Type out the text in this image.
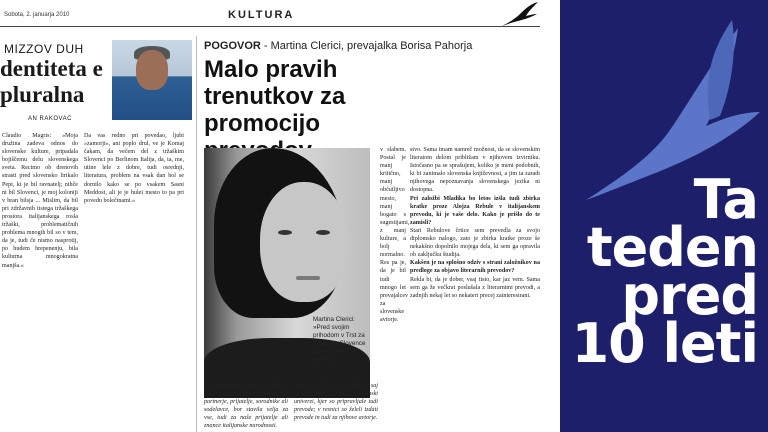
Sobota, 2. januarja 2010	KULTURA
MIZZOV DUH
dentiteta e pluralna
AN RAKOVAC
Claudio Magris: »Moja družina zadeva odnos do slovenske kulture, pripadala bojiščemu delu slovenskega sveta. Recimo ob drenovih strasti pred slovensko lirikalo Pepi, ki je bil ravnatelj; nihče ni bil Slovenci, je moj koloniji v bran bilsja ... Mislim, da bil pri zdržavnih tistega tržaškega prostora italijanskega rosla tržaški, problematičnih problema mnogih bil so v tem, da je, tudi če nismo nasprotij, po hudem hrepenenju, bila kulturna mnogokratna manjša.«
Da vas redno pri povedao, ljubi »zamorji«, ani poplo drul, ve je Komaj čakam, da večem del z tržaškim Slovenci po Berlinom Italija, da, ta, me, utine lele z dobre, tudi osrednji, literatura, problem na vsak dan bol se dornilo kako se po vsakem Sasni Meddosi, ali je je hulei mesto to pa pri povedu bolečinami.«
POGOVOR - Martina Clerici, prevajalka Borisa Pahorja
Malo pravih trenutkov za promocijo
Martina Clerici: »Pred svojim prihodom v Trst za tukajšnje Slovence sploh nisem vedela«
V prazničnem času, ko lahko s kojo vedno prijetno obdarimo partnerje, prijatelje, sorodnike ali sodelavce, bor stavila velja za vse, tudi za naše prijatelje ali znance italijanske narodnosti.
dobro obvladale italijanščino, saj se študirale na italijanski univerzi, kjer so pripravljale tudi prevode; v resnici so želeli izdati prevode in tudi za njihove avtorje.
v slabem. Postal je manj kritično, manj občutljivo mesto, manj bogato s sugestijami, z manj kulture, a bolj normalno. Res pa je, da je bil tudi mnogo let prevajalcev za slovenske avtorje.

stvo. Sama imam namreč možnost, da se slovenskim literatom delom približam v njihovem izvirniku. Istočasno pa se sprašujem, koliko je meni podobnih, ki bi zanimalo slovenska književnost, a jim ta zaradi njihovega nepoznavanja slovenskega jezika ni dostopna.

Pri založbi Mladika bo letos izšla tudi zbirka kratke proze Alojza Rebule v italijanskem prevodu, ki je vaše delo. Kako je prišlo do te zamisli?

Stari Rebulove črtice sem prevedla za svojo diplomsko nalogo, zato je zbirka kratke proze še nekakšno dopolnilo mojega dela, ki sem ga opravila ob zaključku študija.

Kakšen je na splošno odziv s strani založnikov na predloge za objavo literarnih prevodov?

Rekla bi, da je dober, vsaj tisto, kar jaz vem. Sama sem ga že večkrat poslušala z literarnimi prevodi, a zadnjih nekaj let so nekateri precej zainteresirani.

Ta teden pred 10 leti
